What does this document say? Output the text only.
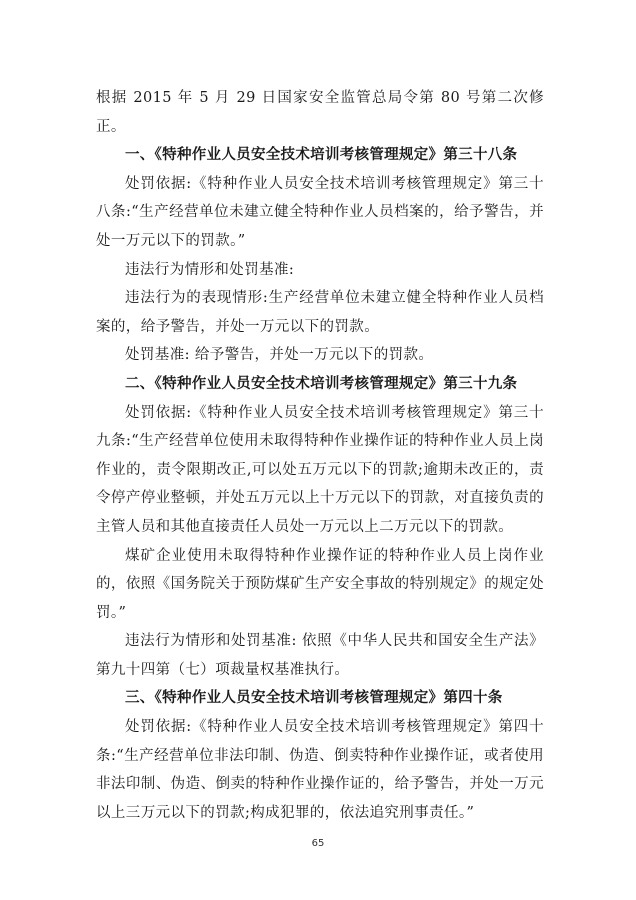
根据 2015 年 5 月 29 日国家安全监管总局令第 80 号第二次修正。

一、《特种作业人员安全技术培训考核管理规定》第三十八条

处罚依据:《特种作业人员安全技术培训考核管理规定》第三十八条:“生产经营单位未建立健全特种作业人员档案的，给予警告，并处一万元以下的罚款。”

违法行为情形和处罚基准:

违法行为的表现情形:生产经营单位未建立健全特种作业人员档案的，给予警告，并处一万元以下的罚款。

处罚基准: 给予警告，并处一万元以下的罚款。

二、《特种作业人员安全技术培训考核管理规定》第三十九条

处罚依据:《特种作业人员安全技术培训考核管理规定》第三十九条:“生产经营单位使用未取得特种作业操作证的特种作业人员上岗作业的，责令限期改正,可以处五万元以下的罚款;逾期未改正的，责令停产停业整顿，并处五万元以上十万元以下的罚款，对直接负责的主管人员和其他直接责任人员处一万元以上二万元以下的罚款。

煤矿企业使用未取得特种作业操作证的特种作业人员上岗作业的，依照《国务院关于预防煤矿生产安全事故的特别规定》的规定处罚。”

违法行为情形和处罚基准: 依照《中华人民共和国安全生产法》第九十四第（七）项裁量权基准执行。

三、《特种作业人员安全技术培训考核管理规定》第四十条

处罚依据:《特种作业人员安全技术培训考核管理规定》第四十条:“生产经营单位非法印制、伪造、倒卖特种作业操作证，或者使用非法印制、伪造、倒卖的特种作业操作证的，给予警告，并处一万元以上三万元以下的罚款;构成犯罪的，依法追究刑事责任。”

65
